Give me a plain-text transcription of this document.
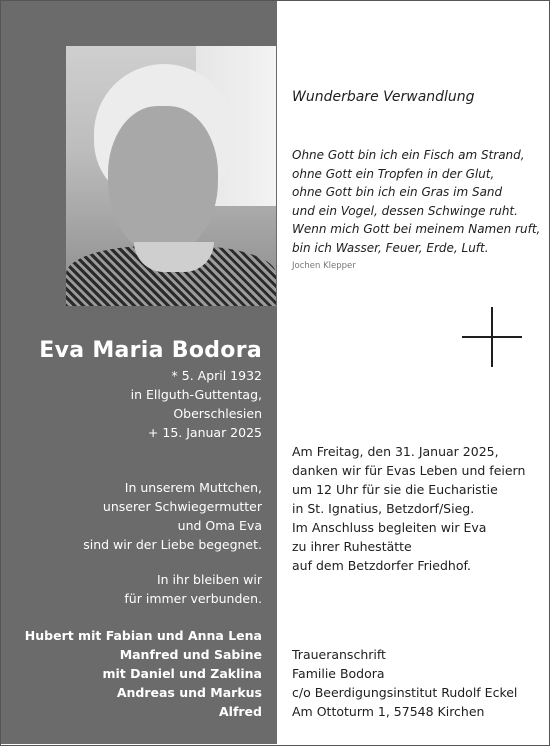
Eva Maria Bodora
* 5. April 1932
in Ellguth-Guttentag,
Oberschlesien
+ 15. Januar 2025
In unserem Muttchen,
unserer Schwiegermutter
und Oma Eva
sind wir der Liebe begegnet.
In ihr bleiben wir
für immer verbunden.
Hubert mit Fabian und Anna Lena
Manfred und Sabine
mit Daniel und Zaklina
Andreas und Markus
Alfred
Wunderbare Verwandlung
Ohne Gott bin ich ein Fisch am Strand,
ohne Gott ein Tropfen in der Glut,
ohne Gott bin ich ein Gras im Sand
und ein Vogel, dessen Schwinge ruht.
Wenn mich Gott bei meinem Namen ruft,
bin ich Wasser, Feuer, Erde, Luft.
Jochen Klepper
Am Freitag, den 31. Januar 2025,
danken wir für Evas Leben und feiern
um 12 Uhr für sie die Eucharistie
in St. Ignatius, Betzdorf/Sieg.
Im Anschluss begleiten wir Eva
zu ihrer Ruhestätte
auf dem Betzdorfer Friedhof.
Traueranschrift
Familie Bodora
c/o Beerdigungsinstitut Rudolf Eckel
Am Ottoturm 1, 57548 Kirchen
